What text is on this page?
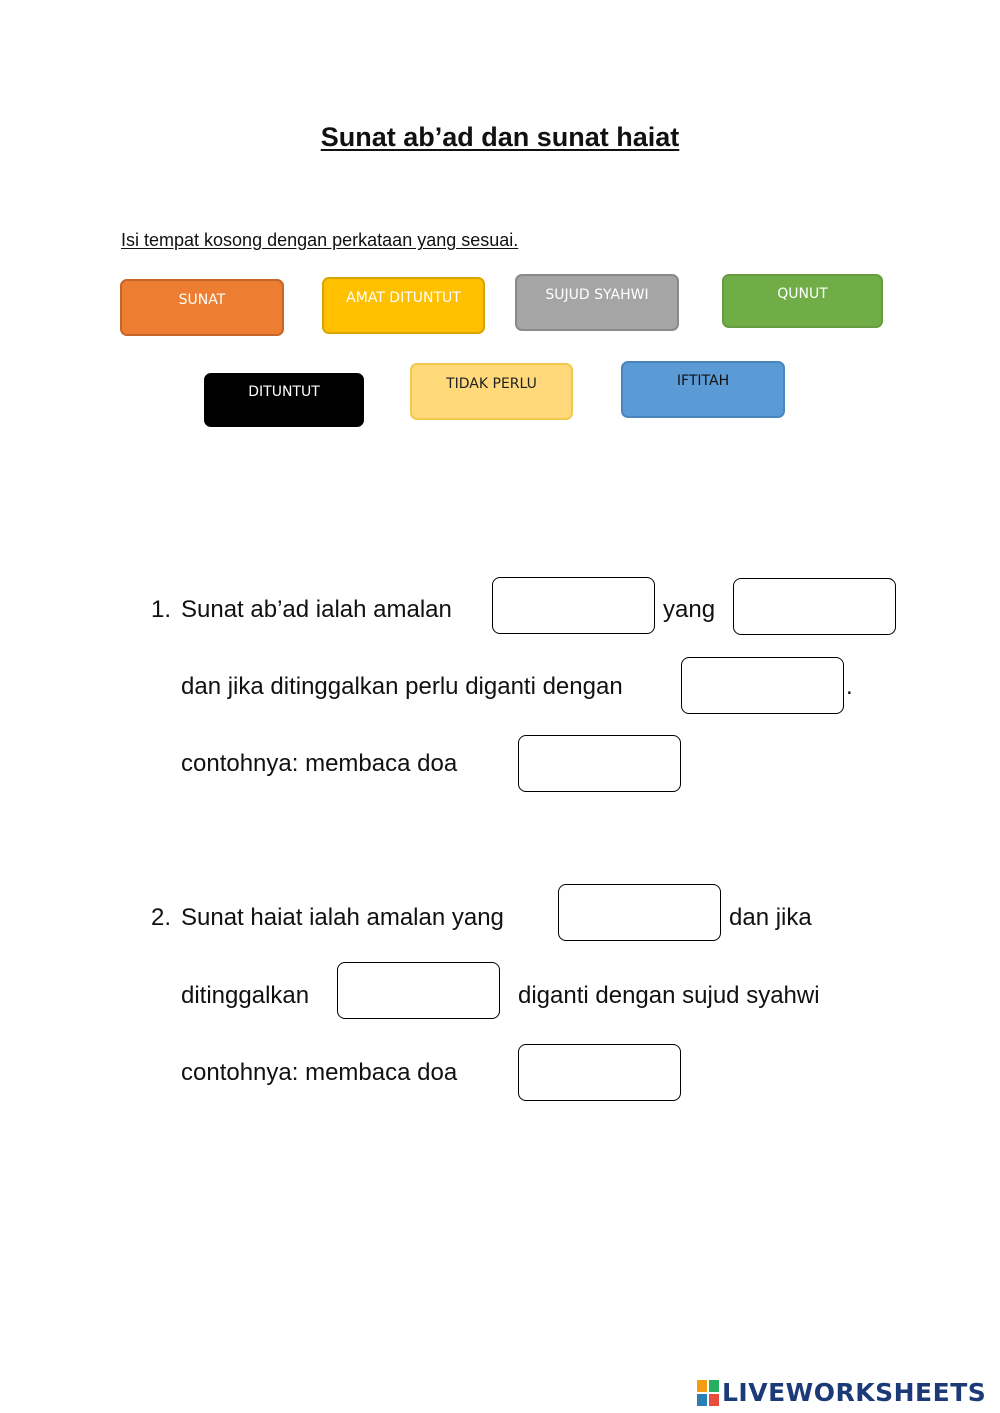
Sunat ab’ad dan sunat haiat
Isi tempat kosong dengan perkataan yang sesuai.
SUNAT	AMAT DITUNTUT	SUJUD SYAHWI	QUNUT
DITUNTUT
TIDAK PERLU	IFTITAH
1. Sunat ab’ad ialah amalan	yang
dan jika ditinggalkan perlu diganti dengan	.
contohnya: membaca doa
2. Sunat haiat ialah amalan yang	dan jika
ditinggalkan	diganti dengan sujud syahwi
contohnya: membaca doa
LIVEWORKSHEETS
